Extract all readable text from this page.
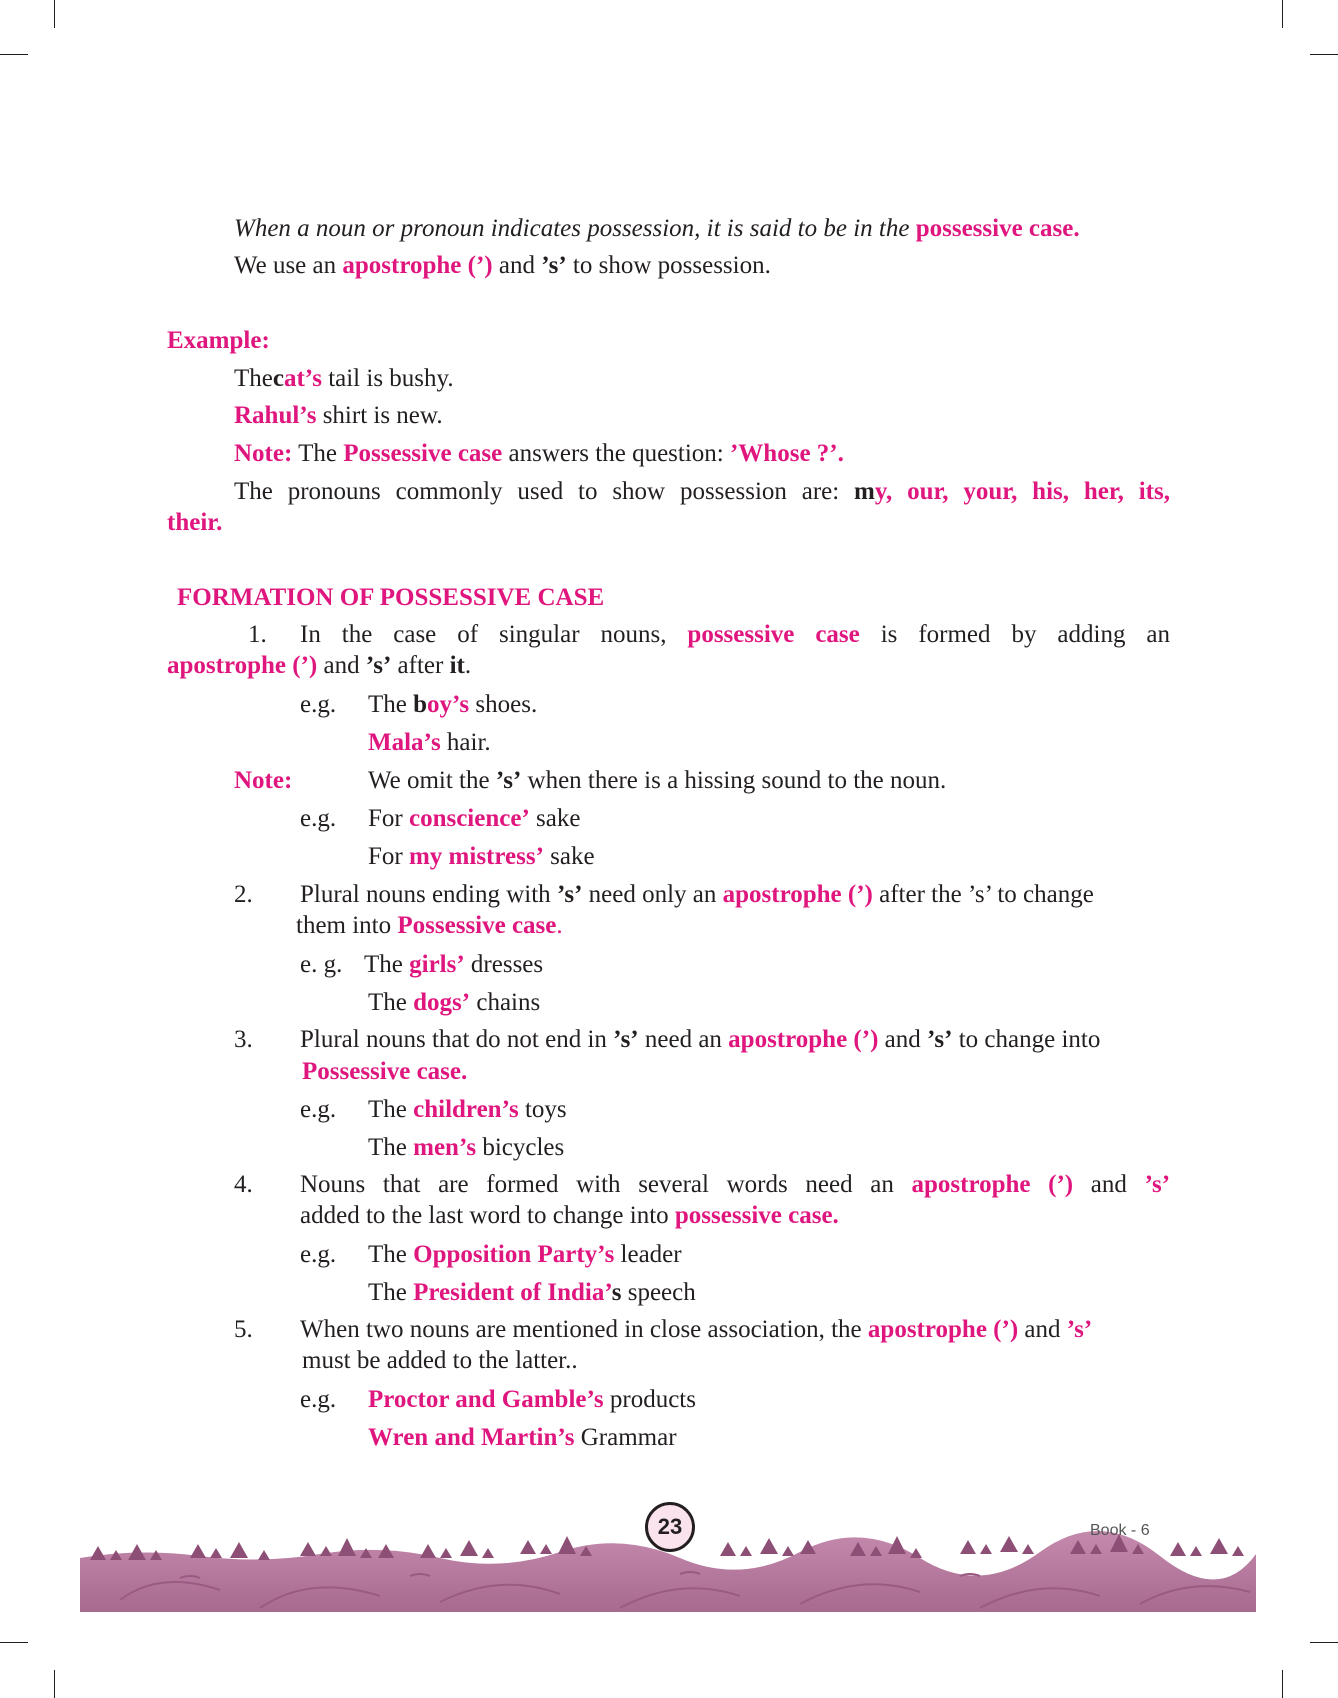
When a noun or pronoun indicates possession, it is said to be in the possessive case.
We use an apostrophe (’) and ’s’ to show possession.
Example:
Thecat’s tail is bushy.
Rahul’s shirt is new.
Note: The Possessive case answers the question: ’Whose ?’.
The pronouns commonly used to show possession are: my, our, your, his, her, its,
their.
FORMATION OF POSSESSIVE CASE
1. In the case of singular nouns, possessive case is formed by adding an
apostrophe (’) and ’s’ after it.
e.g. The boy’s shoes.
Mala’s hair.
Note:	We omit the ’s’ when there is a hissing sound to the noun.
e.g. For conscience’ sake
For my mistress’ sake
2. Plural nouns ending with ’s’ need only an apostrophe (’) after the ’s’ to change
them into Possessive case.
e. g. The girls’ dresses
The dogs’ chains
3. Plural nouns that do not end in ’s’ need an apostrophe (’) and ’s’ to change into
Possessive case.
e.g. The children’s toys
The men’s bicycles
4. Nouns that are formed with several words need an apostrophe (’) and ’s’
added to the last word to change into possessive case.
e.g. The Opposition Party’s leader
The President of India’s speech
5. When two nouns are mentioned in close association, the apostrophe (’) and ’s’
must be added to the latter..
e.g. Proctor and Gamble’s products
Wren and Martin’s Grammar
23	Book - 6
